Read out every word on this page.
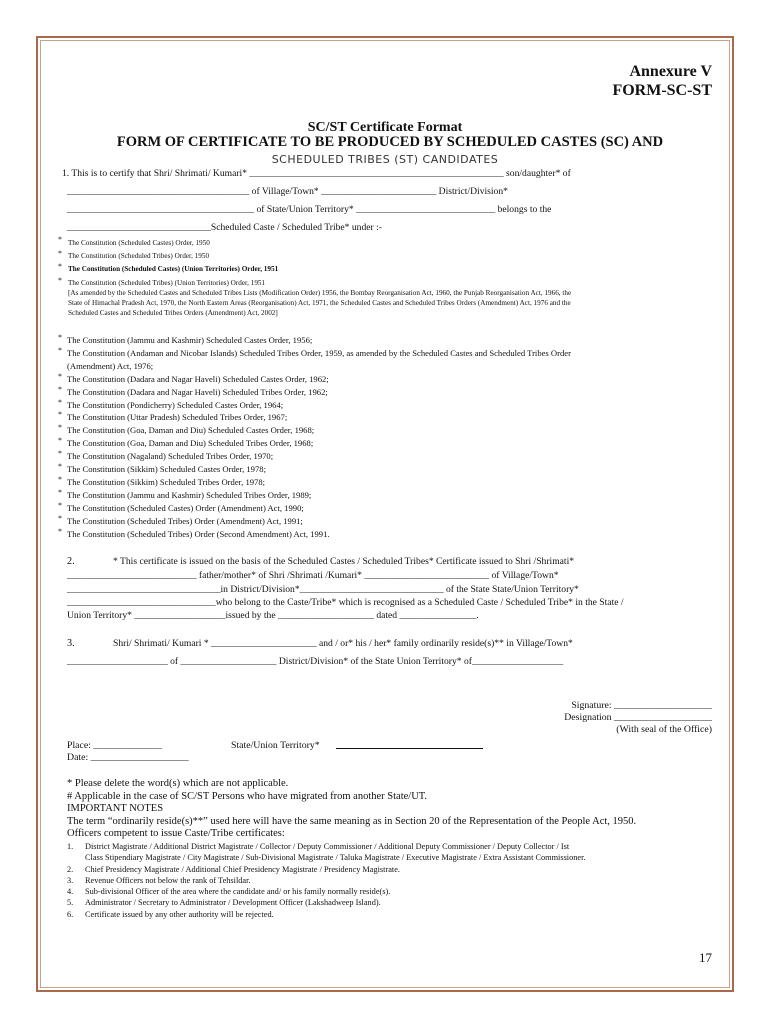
Annexure V
FORM-SC-ST
SC/ST Certificate Format
FORM OF CERTIFICATE TO BE PRODUCED BY SCHEDULED CASTES (SC) AND
SCHEDULED TRIBES (ST) CANDIDATES
1. This is to certify that Shri/ Shrimati/ Kumari* _____________________________________________________ son/daughter* of
______________________________________ of Village/Town* ________________________ District/Division*
_______________________________________ of State/Union Territory* _____________________________ belongs to the
______________________________Scheduled Caste / Scheduled Tribe* under :-
* The Constitution (Scheduled Castes) Order, 1950
* The Constitution (Scheduled Tribes) Order, 1950
* The Constitution (Scheduled Castes) (Union Territories) Order, 1951
* The Constitution (Scheduled Tribes) (Union Territories) Order, 1951
[As amended by the Scheduled Castes and Scheduled Tribes Lists (Modification Order) 1956, the Bombay Reorganisation Act, 1960, the Punjab Reorganisation Act, 1966, the
State of Himachal Pradesh Act, 1970, the North Eastern Areas (Reorganisation) Act, 1971, the Scheduled Castes and Scheduled Tribes Orders (Amendment) Act, 1976 and the
Scheduled Castes and Scheduled Tribes Orders (Amendment) Act, 2002]
* The Constitution (Jammu and Kashmir) Scheduled Castes Order, 1956;
* The Constitution (Andaman and Nicobar Islands) Scheduled Tribes Order, 1959, as amended by the Scheduled Castes and Scheduled Tribes Order
(Amendment) Act, 1976;
* The Constitution (Dadara and Nagar Haveli) Scheduled Castes Order, 1962;
* The Constitution (Dadara and Nagar Haveli) Scheduled Tribes Order, 1962;
* The Constitution (Pondicherry) Scheduled Castes Order, 1964;
* The Constitution (Uttar Pradesh) Scheduled Tribes Order, 1967;
* The Constitution (Goa, Daman and Diu) Scheduled Castes Order, 1968;
* The Constitution (Goa, Daman and Diu) Scheduled Tribes Order, 1968;
* The Constitution (Nagaland) Scheduled Tribes Order, 1970;
* The Constitution (Sikkim) Scheduled Castes Order, 1978;
* The Constitution (Sikkim) Scheduled Tribes Order, 1978;
* The Constitution (Jammu and Kashmir) Scheduled Tribes Order, 1989;
* The Constitution (Scheduled Castes) Order (Amendment) Act, 1990;
* The Constitution (Scheduled Tribes) Order (Amendment) Act, 1991;
* The Constitution (Scheduled Tribes) Order (Second Amendment) Act, 1991.
2.	* This certificate is issued on the basis of the Scheduled Castes / Scheduled Tribes* Certificate issued to Shri /Shrimati*
___________________________ father/mother* of Shri /Shrimati /Kumari* __________________________ of Village/Town*
________________________________in District/Division*______________________________ of the State State/Union Territory*
_______________________________who belong to the Caste/Tribe* which is recognised as a Scheduled Caste / Scheduled Tribe* in the State /
Union Territory* ___________________issued by the ____________________ dated ________________.
3.	Shri/ Shrimati/ Kumari * ______________________ and / or* his / her* family ordinarily reside(s)** in Village/Town*
_____________________ of ____________________ District/Division* of the State Union Territory* of___________________
Signature: ____________________
Designation ____________________
(With seal of the Office)
Place: ______________
Date: ____________________
State/Union Territory*
* Please delete the word(s) which are not applicable.
# Applicable in the case of SC/ST Persons who have migrated from another State/UT.
IMPORTANT NOTES
The term “ordinarily reside(s)**” used here will have the same meaning as in Section 20 of the Representation of the People Act, 1950.
Officers competent to issue Caste/Tribe certificates:
1.	District Magistrate / Additional District Magistrate / Collector / Deputy Commissioner / Additional Deputy Commissioner / Deputy Collector / Ist
Class Stipendiary Magistrate / City Magistrate / Sub-Divisional Magistrate / Taluka Magistrate / Executive Magistrate / Extra Assistant Commissioner.
2.	Chief Presidency Magistrate / Additional Chief Presidency Magistrate / Presidency Magistrate.
3.	Revenue Officers not below the rank of Tehsildar.
4.	Sub-divisional Officer of the area where the candidate and/ or his family normally reside(s).
5.	Administrator / Secretary to Administrator / Development Officer (Lakshadweep Island).
6.	Certificate issued by any other authority will be rejected.
17
